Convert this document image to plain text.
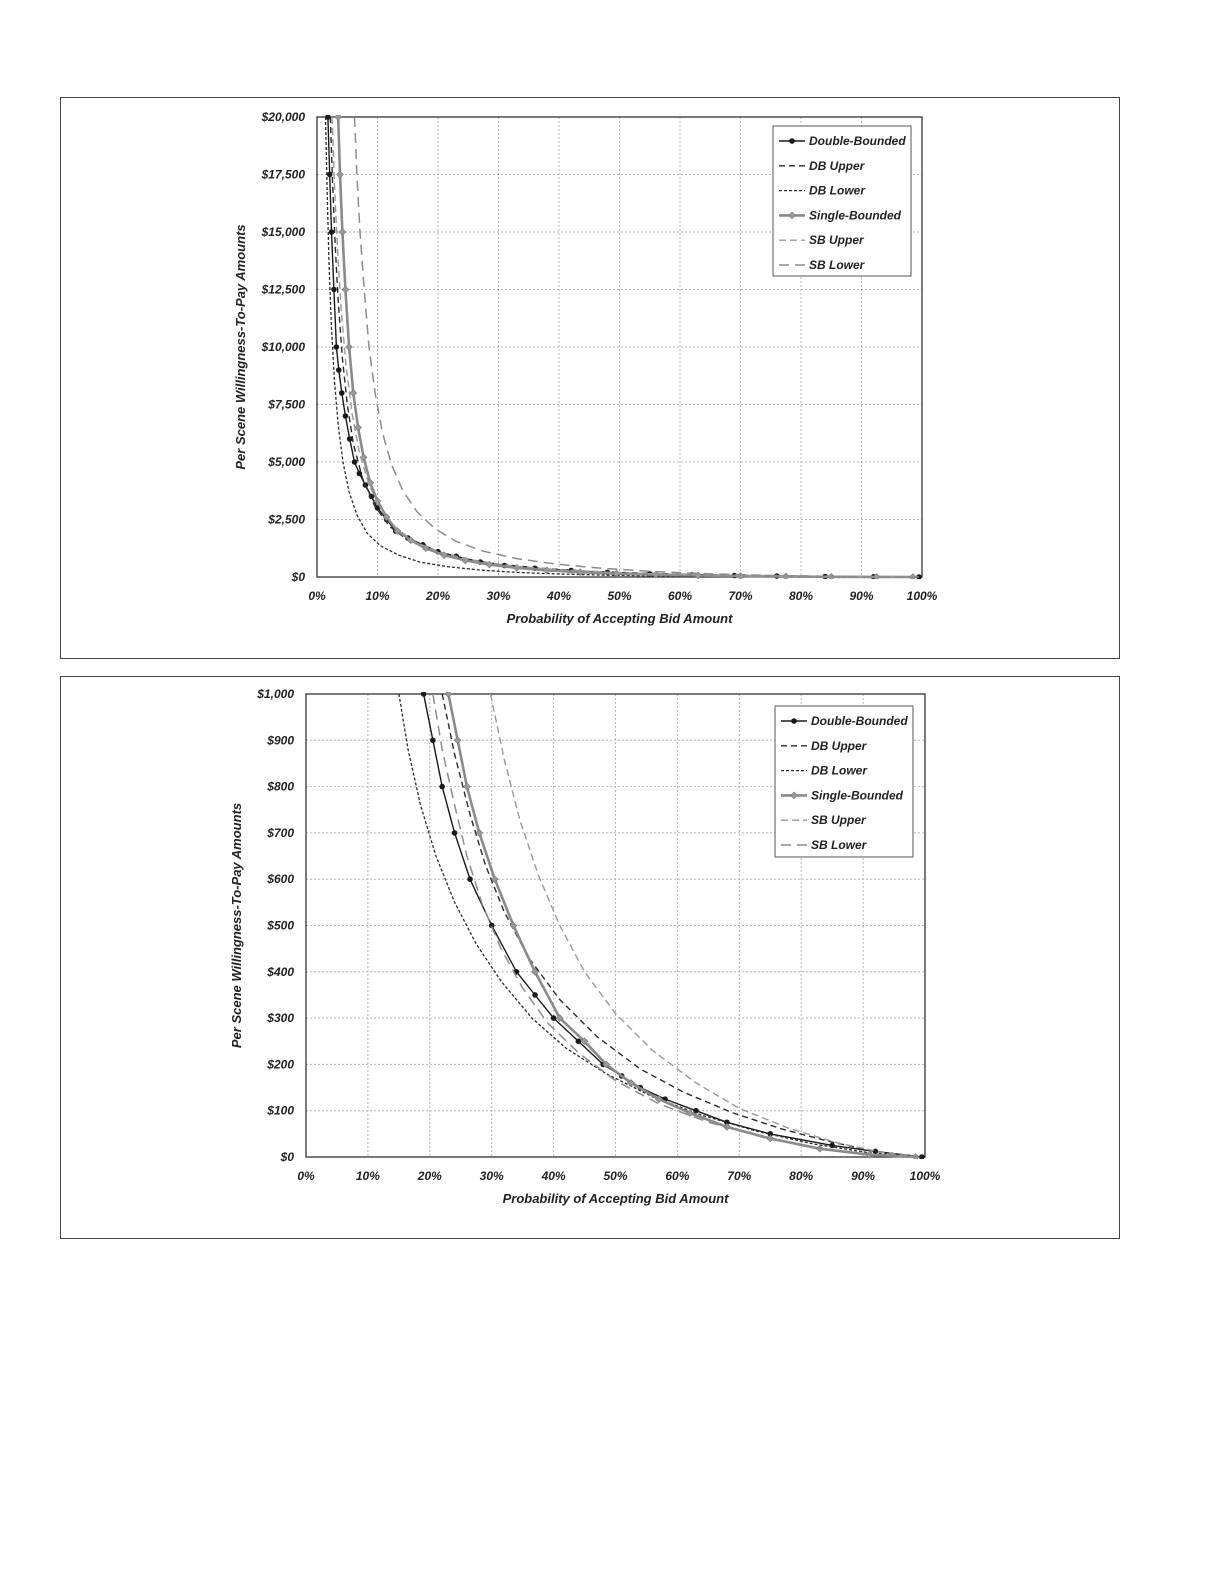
0%	10%	20%	30%	40%	50%	60%	70%	80%	90%	100%
$0
$2,500
$5,000
$7,500
$10,000
$12,500
$15,000
$17,500
$20,000
Probability of Accepting Bid Amount
Per Scene Willingness-To-Pay Amounts
Double-Bounded
DB Upper
DB Lower
Single-Bounded
SB Upper
SB Lower
0%	10%	20%	30%	40%	50%	60%	70%	80%	90%	100%
$0
$100
$200
$300
$400
$500
$600
$700
$800
$900
$1,000
Probability of Accepting Bid Amount
Per Scene Willingness-To-Pay Amounts
Double-Bounded
DB Upper
DB Lower
Single-Bounded
SB Upper
SB Lower
